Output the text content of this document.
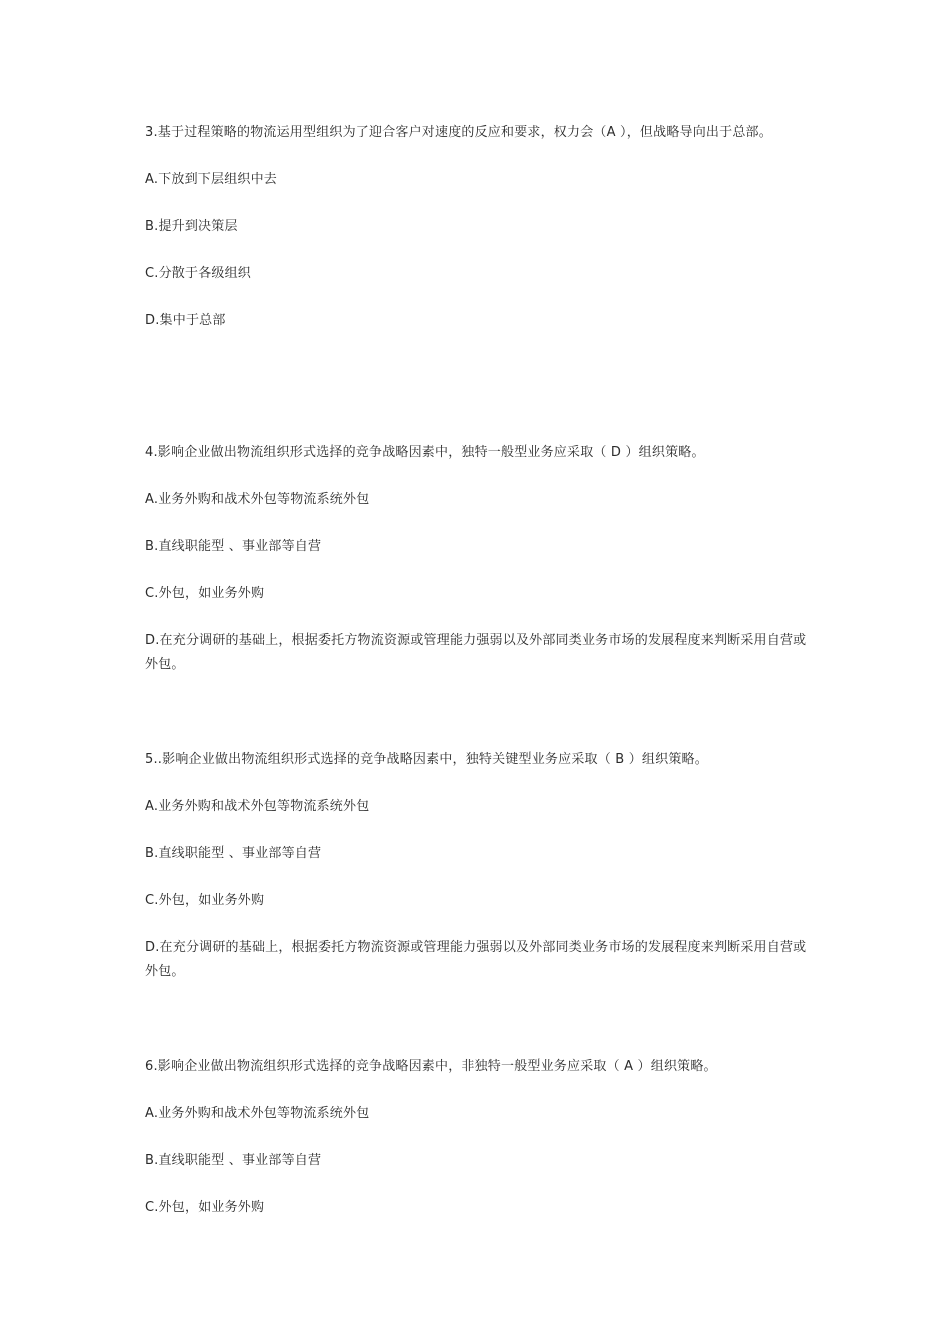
3.基于过程策略的物流运用型组织为了迎合客户对速度的反应和要求，权力会（A ），但战略导向出于总部。

A.下放到下层组织中去

B.提升到决策层

C.分散于各级组织

D.集中于总部

4.影响企业做出物流组织形式选择的竞争战略因素中，独特一般型业务应采取（ D ）组织策略。

A.业务外购和战术外包等物流系统外包

B.直线职能型 、事业部等自营

C.外包，如业务外购

D.在充分调研的基础上，根据委托方物流资源或管理能力强弱以及外部同类业务市场的发展程度来判断采用自营或外包。

5..影响企业做出物流组织形式选择的竞争战略因素中，独特关键型业务应采取（ B ）组织策略。

A.业务外购和战术外包等物流系统外包

B.直线职能型 、事业部等自营

C.外包，如业务外购

D.在充分调研的基础上，根据委托方物流资源或管理能力强弱以及外部同类业务市场的发展程度来判断采用自营或外包。

6.影响企业做出物流组织形式选择的竞争战略因素中，非独特一般型业务应采取（ A ）组织策略。

A.业务外购和战术外包等物流系统外包

B.直线职能型 、事业部等自营

C.外包，如业务外购
